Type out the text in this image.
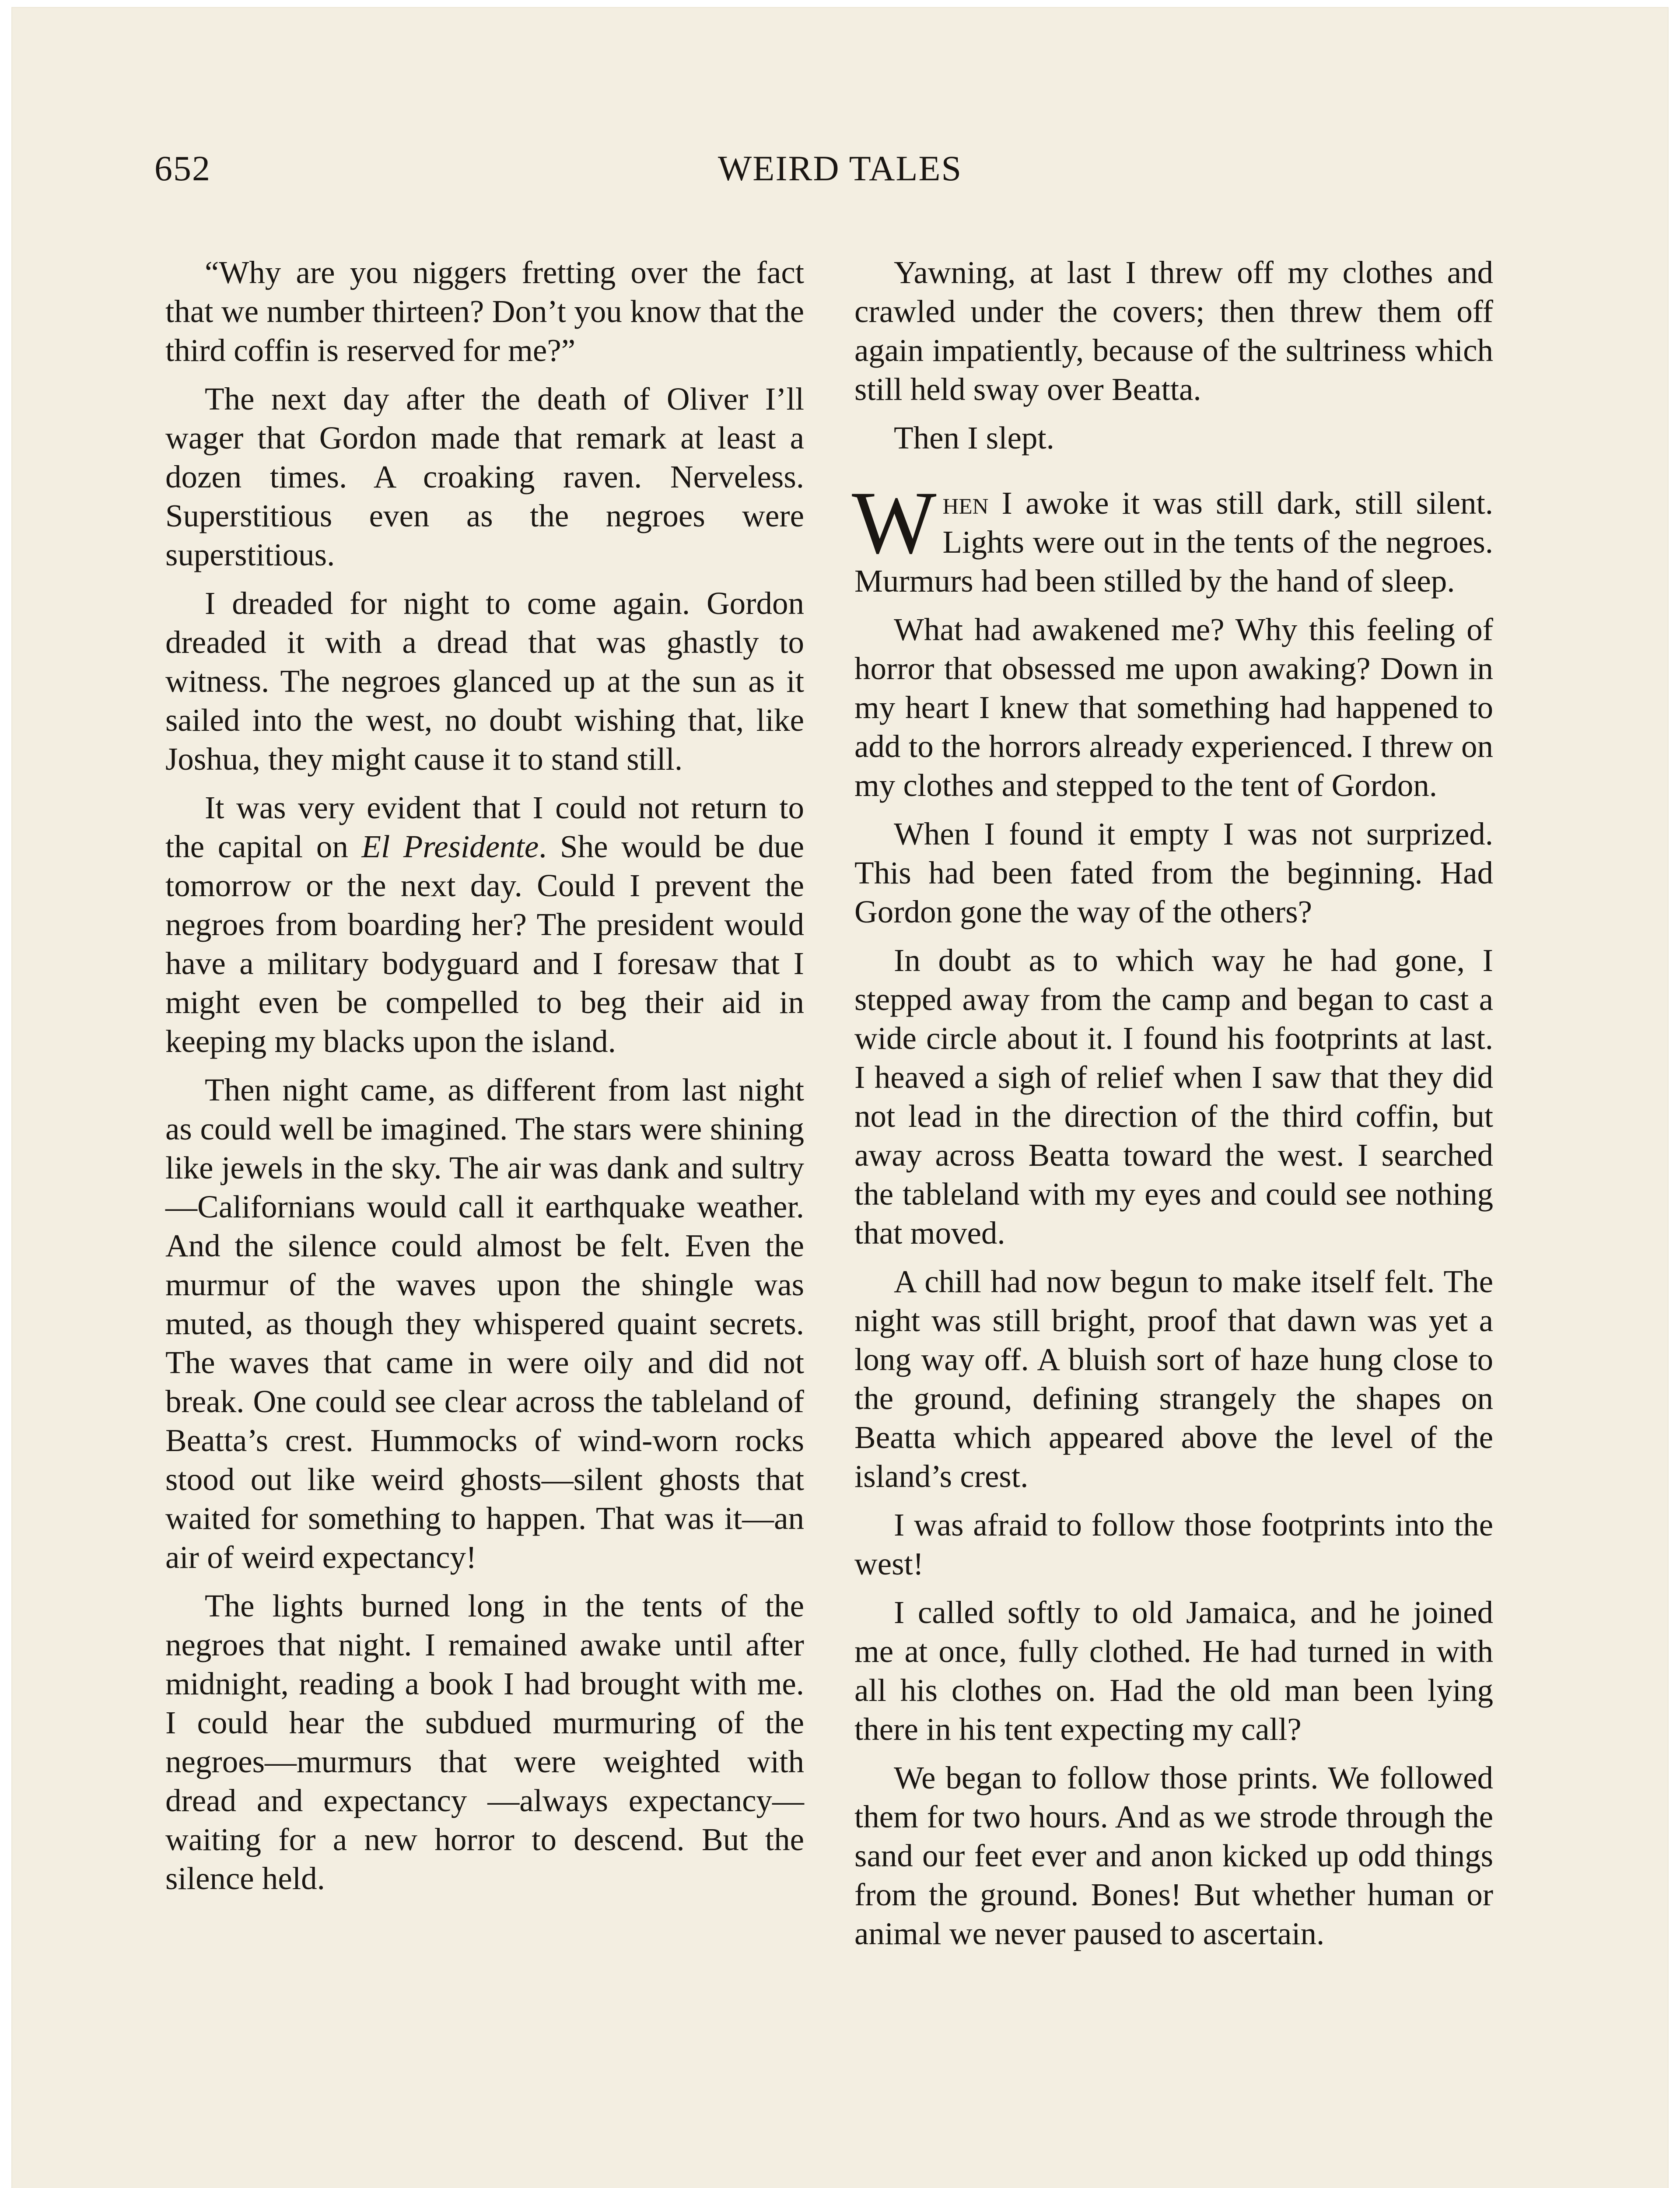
652	WEIRD TALES

“Why are you niggers fretting over the fact that we number thirteen? Don’t you know that the third coffin is reserved for me?”

The next day after the death of Oliver I’ll wager that Gordon made that remark at least a dozen times. A croaking raven. Nerveless. Superstitious even as the negroes were superstitious.

I dreaded for night to come again. Gordon dreaded it with a dread that was ghastly to witness. The negroes glanced up at the sun as it sailed into the west, no doubt wishing that, like Joshua, they might cause it to stand still.

It was very evident that I could not return to the capital on El Presidente. She would be due tomorrow or the next day. Could I prevent the negroes from boarding her? The president would have a military bodyguard and I foresaw that I might even be compelled to beg their aid in keeping my blacks upon the island.

Then night came, as different from last night as could well be imagined. The stars were shining like jewels in the sky. The air was dank and sultry —Californians would call it earthquake weather. And the silence could almost be felt. Even the murmur of the waves upon the shingle was muted, as though they whispered quaint secrets. The waves that came in were oily and did not break. One could see clear across the tableland of Beatta’s crest. Hummocks of wind-worn rocks stood out like weird ghosts—silent ghosts that waited for something to happen. That was it—an air of weird expectancy!

The lights burned long in the tents of the negroes that night. I remained awake until after midnight, reading a book I had brought with me. I could hear the subdued murmuring of the negroes—murmurs that were weighted with dread and expectancy —always expectancy—waiting for a new horror to descend. But the silence held.

Yawning, at last I threw off my clothes and crawled under the covers; then threw them off again impatiently, because of the sultriness which still held sway over Beatta.

Then I slept.

When I awoke it was still dark, still silent. Lights were out in the tents of the negroes. Murmurs had been stilled by the hand of sleep.

What had awakened me? Why this feeling of horror that obsessed me upon awaking? Down in my heart I knew that something had happened to add to the horrors already experienced. I threw on my clothes and stepped to the tent of Gordon.

When I found it empty I was not surprized. This had been fated from the beginning. Had Gordon gone the way of the others?

In doubt as to which way he had gone, I stepped away from the camp and began to cast a wide circle about it. I found his footprints at last. I heaved a sigh of relief when I saw that they did not lead in the direction of the third coffin, but away across Beatta toward the west. I searched the tableland with my eyes and could see nothing that moved.

A chill had now begun to make itself felt. The night was still bright, proof that dawn was yet a long way off. A bluish sort of haze hung close to the ground, defining strangely the shapes on Beatta which appeared above the level of the island’s crest.

I was afraid to follow those footprints into the west!

I called softly to old Jamaica, and he joined me at once, fully clothed. He had turned in with all his clothes on. Had the old man been lying there in his tent expecting my call?

We began to follow those prints. We followed them for two hours. And as we strode through the sand our feet ever and anon kicked up odd things from the ground. Bones! But whether human or animal we never paused to ascertain.
